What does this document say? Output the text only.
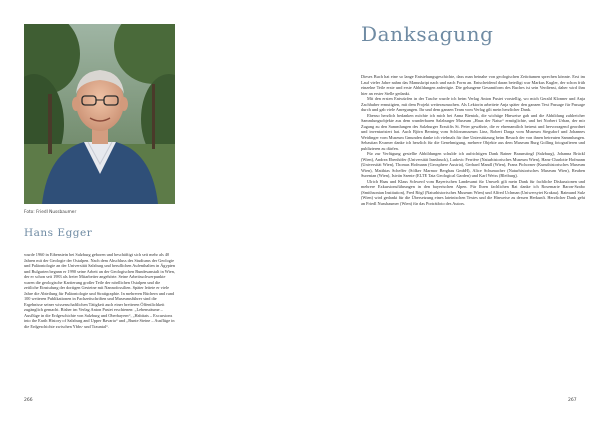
Foto: Friedl Nussbaumer
Hans Egger

wurde 1960 in Eibenstein bei Salzburg geboren und beschäftigt sich seit mehr als 40 Jahren mit der Geologie der Ostalpen. Nach dem Abschluss des Studiums der Geologie und Paläontologie an der Universität Salzburg und beruflichen Aufenthalten in Ägypten und Bulgarien begann er 1990 seine Arbeit an der Geologischen Bundesanstalt in Wien, der er schon seit 1983 als freier Mitarbeiter angehörte. Seine Arbeitsschwerpunkte waren die geologische Kartierung großer Teile der nördlichen Ostalpen und die zeitliche Einstufung der dortigen Gesteine mit Nannofossilien. Später leitete er viele Jahre die Abteilung für Paläontologie und Stratigraphie. In mehreren Büchern und rund 100 weiteren Publikationen in Fachzeitschriften und Museumsführer sind die Ergebnisse seiner wissenschaftlichen Tätigkeit auch einer breiteren Öffentlichkeit zugänglich gemacht. Bisher im Verlag Anton Pustet erschienen: „Lebensräume – Ausflüge in die Erdgeschichte von Salzburg und Oberbayern“, „Habitats – Excursions into the Earth History of Salzburg and Upper Bavaria“ und „Bunte Steine – Ausflüge in die Erdgeschichte zwischen Ybbs- und Trauntal“.

266
Danksagung

Dieses Buch hat eine so lange Entstehungsgeschichte, dass man beinahe von geologischen Zeiträumen sprechen könnte. Erst im Lauf vieler Jahre nahm das Manuskript nach und nach Form an. Entscheidend daran beteiligt war Markus Kugler, der schon früh einzelne Teile erste und erste Abbildungen anfertigte. Die gelungene Gesamtform des Buches ist sein Verdienst, daher wird ihm hier an erster Stelle gedankt.

Mit den ersten Entwürfen in der Tasche wurde ich beim Verlag Anton Pustet vorstellig, wo mich Gerald Klonner und Anja Zachhuber ermutigten, mit dem Projekt weiterzumachen. Als Lektorin arbeitete Anja später den ganzen Text Passage für Passage durch und gab viele Anregungen. Ihr und dem ganzen Team vom Verlag gilt mein herzlicher Dank.

Ebenso herzlich bedanken möchte ich mich bei Anna Bieniok, die wichtige Hinweise gab und die Abbildung zahlreicher Sammlungsobjekte aus dem wunderbaren Salzburger Museum „Haus der Natur“ ermöglichte, und bei Norbert Urban, der mir Zugang zu den Sammlungen des Salzburger Erzstifts St. Peter gewährte, die er ehrenamtlich betreut und hervorragend geordnet und inventarisiert hat. Auch Björn Berning vom Schlossmuseum Linz, Robert Darga vom Museum Siegsdorf und Johannes Weidinger vom Museum Gmunden danke ich vielmals für ihre Unterstützung beim Besuch der von ihnen betreuten Sammlungen. Sebastian Kvarner danke ich herzlich für die Genehmigung, mehrere Objekte aus dem Museum Burg Golling fotografieren und publizieren zu dürfen.

Für zur Verfügung gestellte Abbildungen schulde ich aufrichtigen Dank Rainer Braunstingl (Salzburg), Johanna Brückl (Wien), Andrea Ebenhöfer (Universität Innsbruck), Ludovic Ferrière (Naturhistorisches Museum Wien), Hans-Charlotte Hofmann (Universität Wien), Thomas Hofmann (Geosphere Austria), Gerhard Mandl (Wien), Franz Pichorner (Kunsthistorisches Museum Wien), Matthias Scheffer (Sölker Marmor Bergbau GmbH), Alice Schumacher (Naturhistorisches Museum Wien), Reuben Surenian (Wien), István Szente (ELTE Tata Geological Garden) und Karl Weiss (Bleiburg).

Ulrich Haas und Klaus Schwerd vom Bayerischen Landesamt für Umwelt gilt mein Dank für fachliche Diskussionen und mehrere Exkursionsführungen in den bayerischen Alpen. Für Ihren fachlichen Rat danke ich Rosemarie Baron-Szabo (Smithsonian Institution), Fred Rögl (Naturhistorisches Museum Wien) und Alfred Uchman (Uniwersytet Krakau). Raimund Sulz (Wien) wird gedankt für die Übersetzung eines lateinischen Textes und die Hinweise zu dessen Herkunft. Herzlicher Dank geht an Friedl Nussbaumer (Wien) für das Porträtfoto des Autors.

267
